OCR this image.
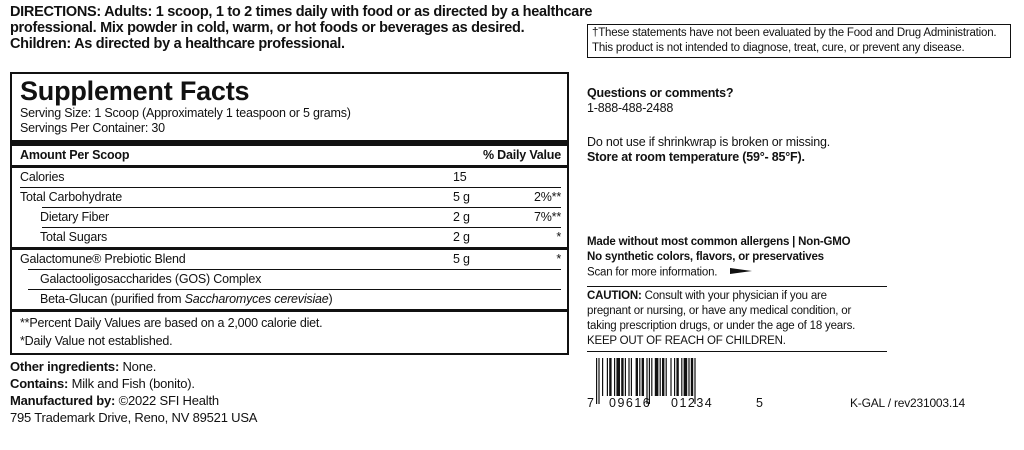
DIRECTIONS: Adults: 1 scoop, 1 to 2 times daily with food or as directed by a healthcare
professional. Mix powder in cold, warm, or hot foods or beverages as desired.
Children: As directed by a healthcare professional.
Supplement Facts
Serving Size: 1 Scoop (Approximately 1 teaspoon or 5 grams)
Servings Per Container: 30
Amount Per Scoop	% Daily Value
Calories	15
Total Carbohydrate	5 g	2%**
Dietary Fiber	2 g	7%**
Total Sugars	2 g	*
Galactomune® Prebiotic Blend	5 g	*
Galactooligosaccharides (GOS) Complex
Beta-Glucan (purified from Saccharomyces cerevisiae)
**Percent Daily Values are based on a 2,000 calorie diet.
*Daily Value not established.
Other ingredients: None.
Contains: Milk and Fish (bonito).
Manufactured by: ©2022 SFI Health
795 Trademark Drive, Reno, NV 89521 USA
†These statements have not been evaluated by the Food and Drug Administration.
This product is not intended to diagnose, treat, cure, or prevent any disease.
Questions or comments?
1-888-488-2488
Do not use if shrinkwrap is broken or missing.
Store at room temperature (59°- 85°F).
Made without most common allergens | Non-GMO
No synthetic colors, flavors, or preservatives
Scan for more information.
CAUTION: Consult with your physician if you are
pregnant or nursing, or have any medical condition, or
taking prescription drugs, or under the age of 18 years.
KEEP OUT OF REACH OF CHILDREN.
7 09616 01234	5	K-GAL / rev231003.14
